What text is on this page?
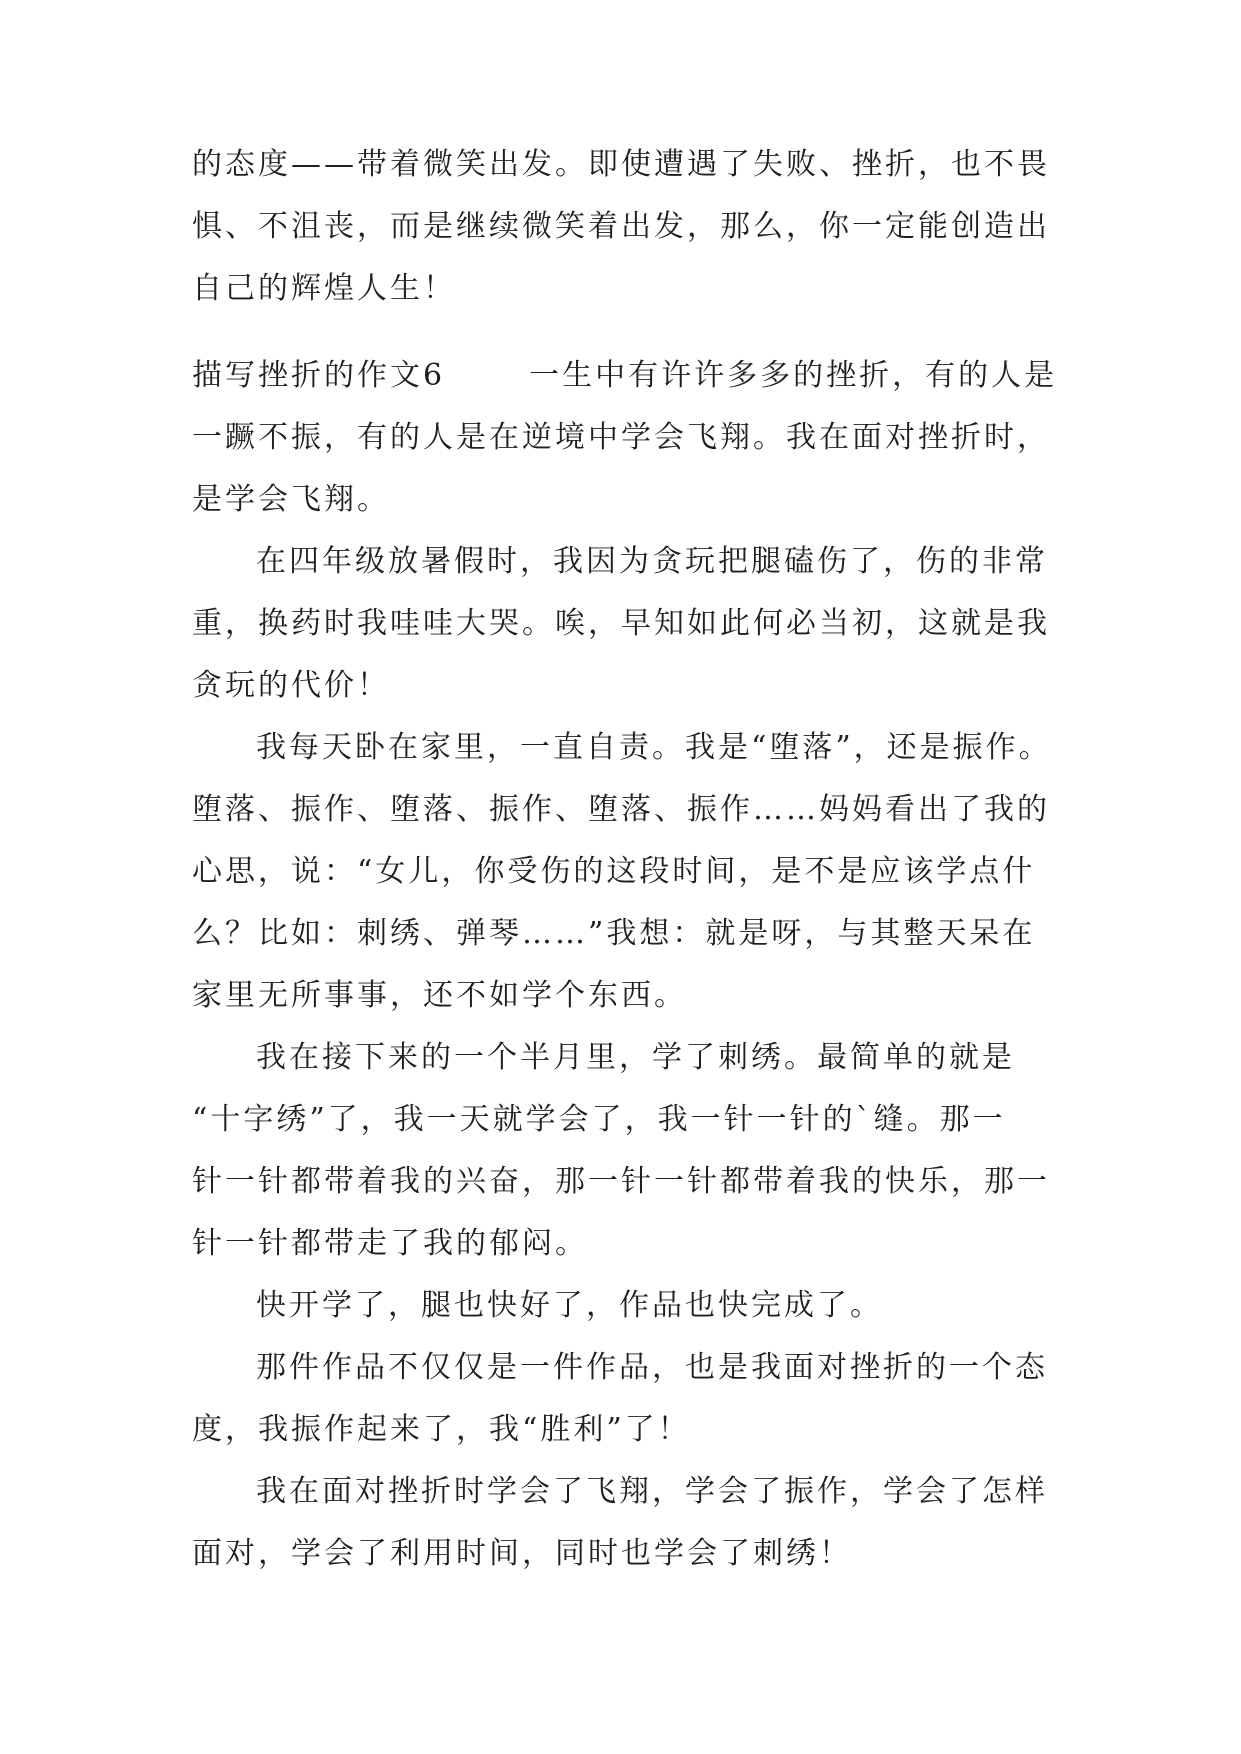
的态度——带着微笑出发。即使遭遇了失败、挫折，也不畏
惧、不沮丧，而是继续微笑着出发，那么，你一定能创造出
自己的辉煌人生！
描写挫折的作文6	一生中有许许多多的挫折，有的人是
一蹶不振，有的人是在逆境中学会飞翔。我在面对挫折时，
是学会飞翔。
在四年级放暑假时，我因为贪玩把腿磕伤了，伤的非常
重，换药时我哇哇大哭。唉，早知如此何必当初，这就是我
贪玩的代价！
我每天卧在家里，一直自责。我是“堕落”，还是振作。
堕落、振作、堕落、振作、堕落、振作……妈妈看出了我的
心思，说：“女儿，你受伤的这段时间，是不是应该学点什
么？比如：刺绣、弹琴……”我想：就是呀，与其整天呆在
家里无所事事，还不如学个东西。
我在接下来的一个半月里，学了刺绣。最简单的就是
“十字绣”了，我一天就学会了，我一针一针的`缝。那一
针一针都带着我的兴奋，那一针一针都带着我的快乐，那一
针一针都带走了我的郁闷。
快开学了，腿也快好了，作品也快完成了。
那件作品不仅仅是一件作品，也是我面对挫折的一个态
度，我振作起来了，我“胜利”了！
我在面对挫折时学会了飞翔，学会了振作，学会了怎样
面对，学会了利用时间，同时也学会了刺绣！
